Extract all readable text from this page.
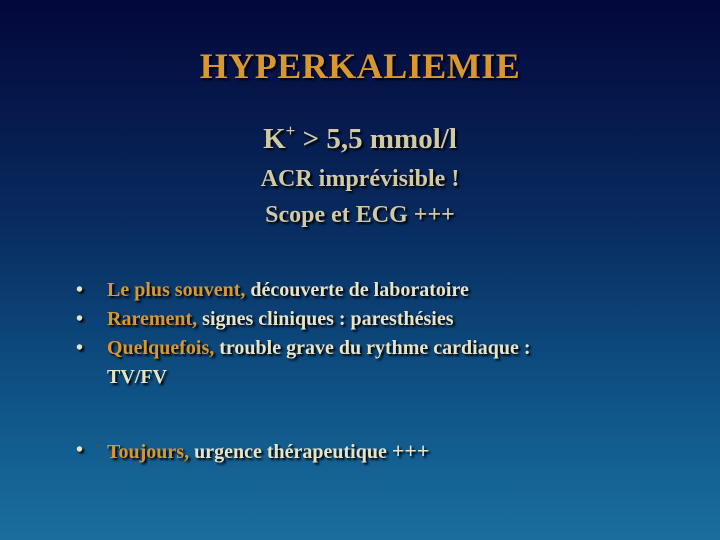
HYPERKALIEMIE
K+ > 5,5 mmol/l
ACR imprévisible !
Scope et ECG +++
• Le plus souvent, découverte de laboratoire
• Rarement, signes cliniques : paresthésies
• Quelquefois, trouble grave du rythme cardiaque :
TV/FV
• Toujours, urgence thérapeutique +++
